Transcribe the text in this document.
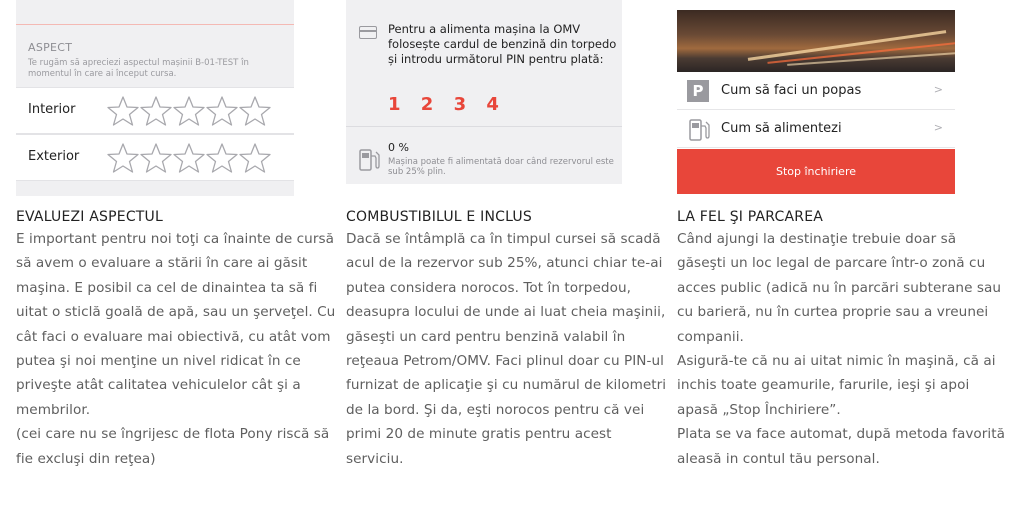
ASPECT
Te rugăm să apreciezi aspectul mașinii B-01-TEST în momentul în care ai început cursa.
Interior
Exterior
EVALUEZI ASPECTUL

E important pentru noi toţi ca înainte de cursă să avem o evaluare a stării în care ai găsit maşina. E posibil ca cel de dinaintea ta să fi uitat o sticlă goală de apă, sau un şerveţel. Cu cât faci o evaluare mai obiectivă, cu atât vom putea şi noi menţine un nivel ridicat în ce priveşte atât calitatea vehiculelor cât şi a membrilor.

(cei care nu se îngrijesc de flota Pony riscă să fie excluşi din reţea)

Pentru a alimenta mașina la OMV folosește cardul de benzină din torpedo și introdu următorul PIN pentru plată:
1 2 3 4
0 %
Mașina poate fi alimentată doar când rezervorul este sub 25% plin.
COMBUSTIBILUL E INCLUS

Dacă se întâmplă ca în timpul cursei să scadă acul de la rezervor sub 25%, atunci chiar te-ai putea considera norocos. Tot în torpedou, deasupra locului de unde ai luat cheia maşinii, găseşti un card pentru benzină valabil în reţeaua Petrom/OMV. Faci plinul doar cu PIN-ul furnizat de aplicaţie şi cu numărul de kilometri de la bord. Şi da, eşti norocos pentru că vei primi 20 de minute gratis pentru acest serviciu.

P	Cum să faci un popas	>
Cum să alimentezi	>
Stop închiriere
LA FEL ŞI PARCAREA

Când ajungi la destinaţie trebuie doar să găseşti un loc legal de parcare într-o zonă cu acces public (adică nu în parcări subterane sau cu barieră, nu în curtea proprie sau a vreunei companii.

Asigură-te că nu ai uitat nimic în maşină, că ai inchis toate geamurile, farurile, ieşi şi apoi apasă „Stop Închiriere”.

Plata se va face automat, după metoda favorită aleasă in contul tău personal.
